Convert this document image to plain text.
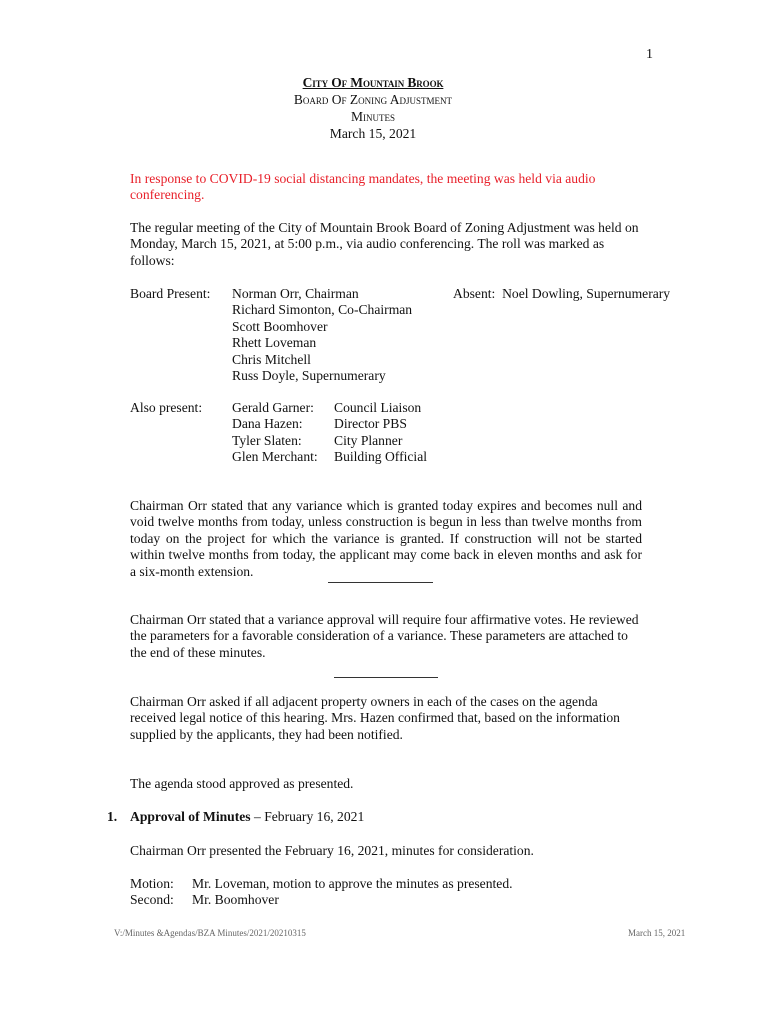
1
City Of Mountain Brook
Board Of Zoning Adjustment
Minutes
March 15, 2021
In response to COVID-19 social distancing mandates, the meeting was held via audio conferencing.
The regular meeting of the City of Mountain Brook Board of Zoning Adjustment was held on Monday, March 15, 2021, at 5:00 p.m., via audio conferencing. The roll was marked as follows:
Board Present: Norman Orr, Chairman
Richard Simonton, Co-Chairman
Scott Boomhover
Rhett Loveman
Chris Mitchell
Russ Doyle, Supernumerary
Absent: Noel Dowling, Supernumerary
Also present: Gerald Garner:
Dana Hazen:
Tyler Slaten:
Glen Merchant:
Council Liaison
Director PBS
City Planner
Building Official
Chairman Orr stated that any variance which is granted today expires and becomes null and void twelve months from today, unless construction is begun in less than twelve months from today on the project for which the variance is granted. If construction will not be started within twelve months from today, the applicant may come back in eleven months and ask for a six-month extension.
Chairman Orr stated that a variance approval will require four affirmative votes. He reviewed the parameters for a favorable consideration of a variance. These parameters are attached to the end of these minutes.
Chairman Orr asked if all adjacent property owners in each of the cases on the agenda received legal notice of this hearing. Mrs. Hazen confirmed that, based on the information supplied by the applicants, they had been notified.
The agenda stood approved as presented.
1. Approval of Minutes – February 16, 2021
Chairman Orr presented the February 16, 2021, minutes for consideration.
Motion: Mr. Loveman, motion to approve the minutes as presented.
Second: Mr. Boomhover
V:/Minutes &Agendas/BZA Minutes/2021/20210315	March 15, 2021
